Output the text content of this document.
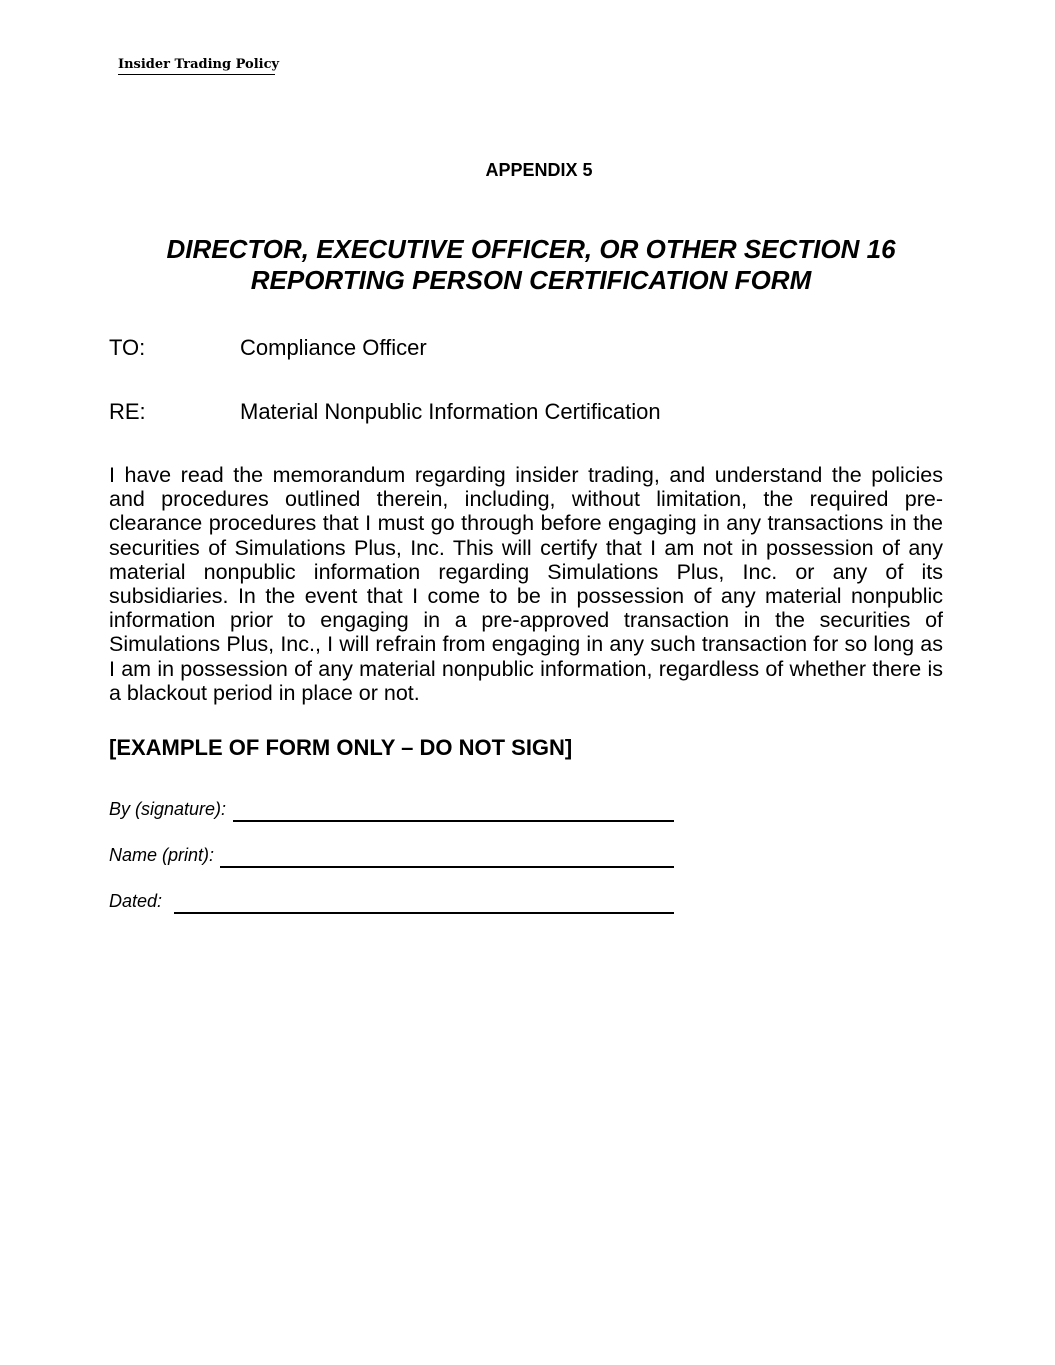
Insider Trading Policy
APPENDIX 5
DIRECTOR, EXECUTIVE OFFICER, OR OTHER SECTION 16
REPORTING PERSON CERTIFICATION FORM
TO:	Compliance Officer
RE:	Material Nonpublic Information Certification

I have read the memorandum regarding insider trading, and understand the policies and procedures outlined therein, including, without limitation, the required pre-clearance procedures that I must go through before engaging in any transactions in the securities of Simulations Plus, Inc. This will certify that I am not in possession of any material nonpublic information regarding Simulations Plus, Inc. or any of its subsidiaries. In the event that I come to be in possession of any material nonpublic information prior to engaging in a pre-approved transaction in the securities of Simulations Plus, Inc., I will refrain from engaging in any such transaction for so long as I am in possession of any material nonpublic information, regardless of whether there is a blackout period in place or not.

[EXAMPLE OF FORM ONLY – DO NOT SIGN]
By (signature):
Name (print):
Dated:
